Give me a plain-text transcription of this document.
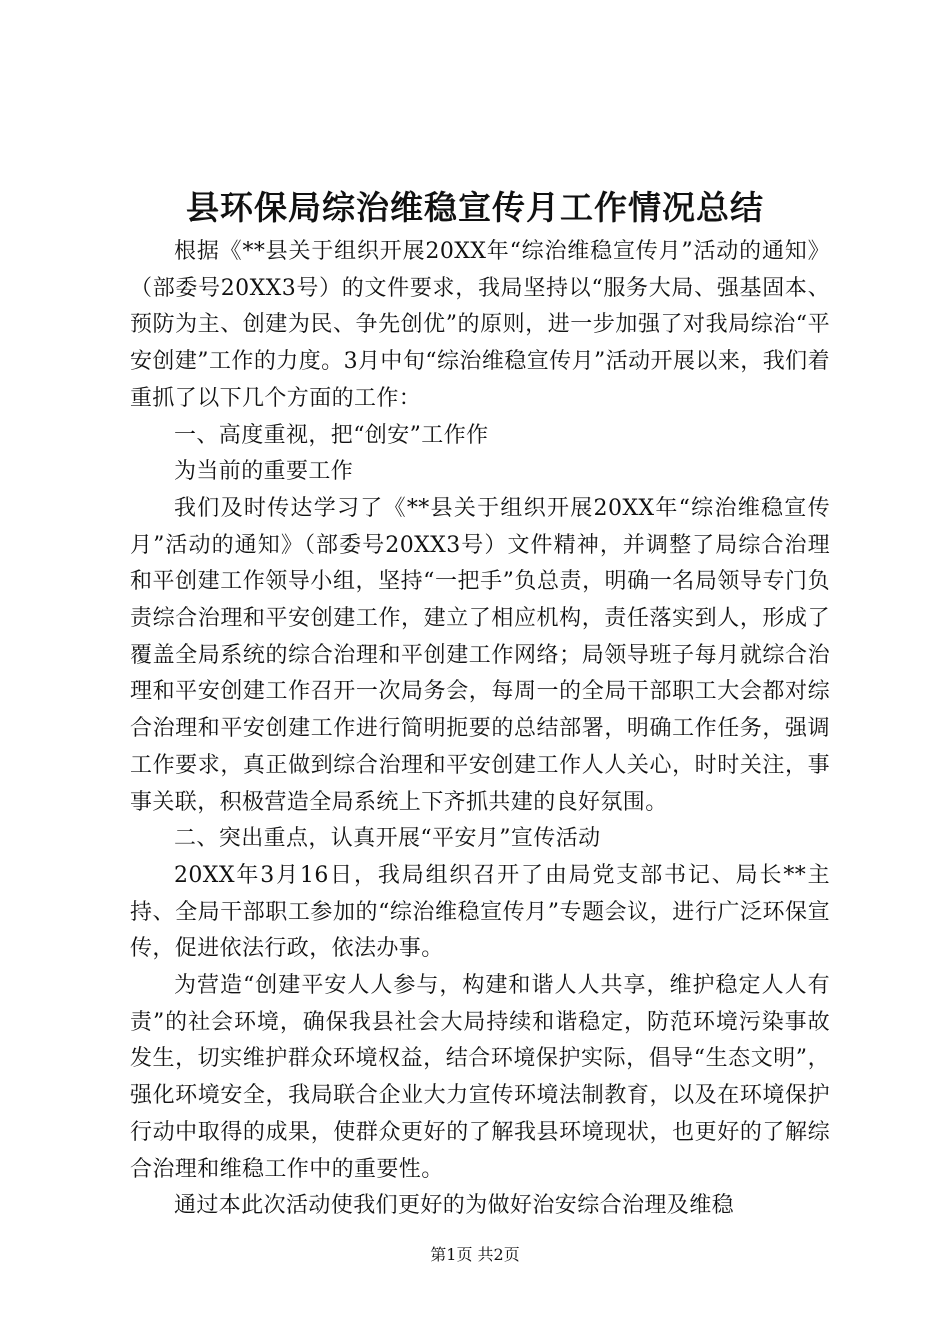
县环保局综治维稳宣传月工作情况总结

根据《**县关于组织开展20XX年“综治维稳宣传月”活动的通知》（部委号20XX3号）的文件要求，我局坚持以“服务大局、强基固本、预防为主、创建为民、争先创优”的原则，进一步加强了对我局综治“平安创建”工作的力度。3月中旬“综治维稳宣传月”活动开展以来，我们着重抓了以下几个方面的工作：

一、高度重视，把“创安”工作作

为当前的重要工作

我们及时传达学习了《**县关于组织开展20XX年“综治维稳宣传月”活动的通知》（部委号20XX3号）文件精神，并调整了局综合治理和平创建工作领导小组，坚持“一把手”负总责，明确一名局领导专门负责综合治理和平安创建工作，建立了相应机构，责任落实到人，形成了覆盖全局系统的综合治理和平创建工作网络；局领导班子每月就综合治理和平安创建工作召开一次局务会，每周一的全局干部职工大会都对综合治理和平安创建工作进行简明扼要的总结部署，明确工作任务，强调工作要求，真正做到综合治理和平安创建工作人人关心，时时关注，事事关联，积极营造全局系统上下齐抓共建的良好氛围。

二、突出重点，认真开展“平安月”宣传活动

20XX年3月16日，我局组织召开了由局党支部书记、局长**主持、全局干部职工参加的“综治维稳宣传月”专题会议，进行广泛环保宣传，促进依法行政，依法办事。

为营造“创建平安人人参与，构建和谐人人共享，维护稳定人人有责”的社会环境，确保我县社会大局持续和谐稳定，防范环境污染事故发生，切实维护群众环境权益，结合环境保护实际，倡导“生态文明”，强化环境安全，我局联合企业大力宣传环境法制教育，以及在环境保护行动中取得的成果，使群众更好的了解我县环境现状，也更好的了解综合治理和维稳工作中的重要性。

通过本此次活动使我们更好的为做好治安综合治理及维稳

第1页 共2页
